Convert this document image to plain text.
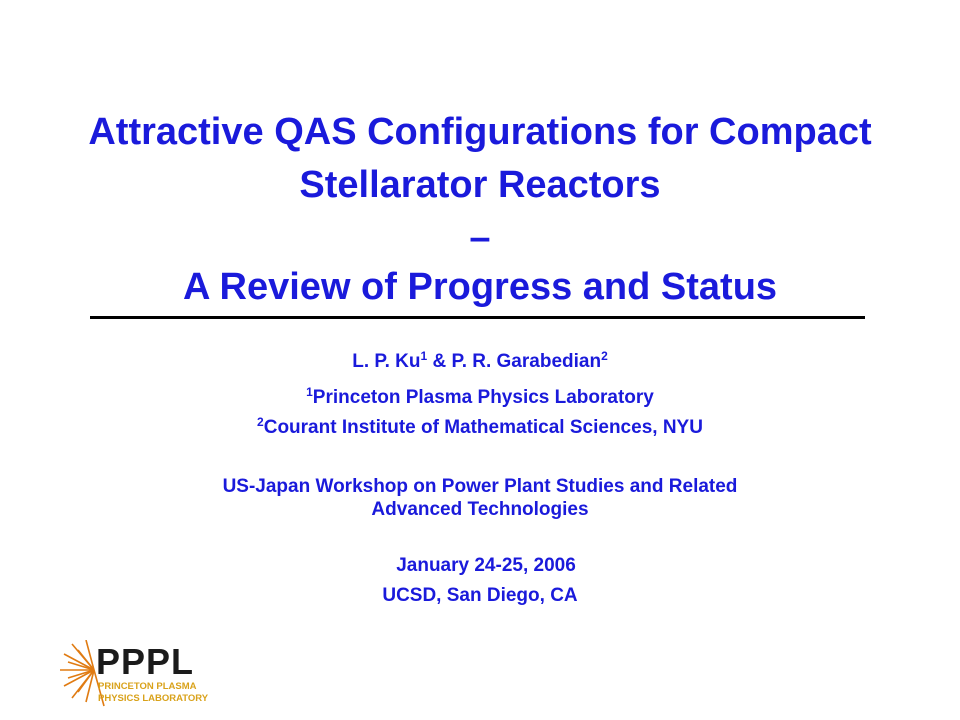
Attractive QAS Configurations for Compact
Stellarator Reactors
–
A Review of Progress and Status
L. P. Ku$^1$ & P. R. Garabedian$^2$
$^1$Princeton Plasma Physics Laboratory
$^2$Courant Institute of Mathematical Sciences, NYU
US-Japan Workshop on Power Plant Studies and Related
Advanced Technologies
January 24-25, 2006
UCSD, San Diego, CA
PPPL
PRINCETON PLASMA
PHYSICS LABORATORY
